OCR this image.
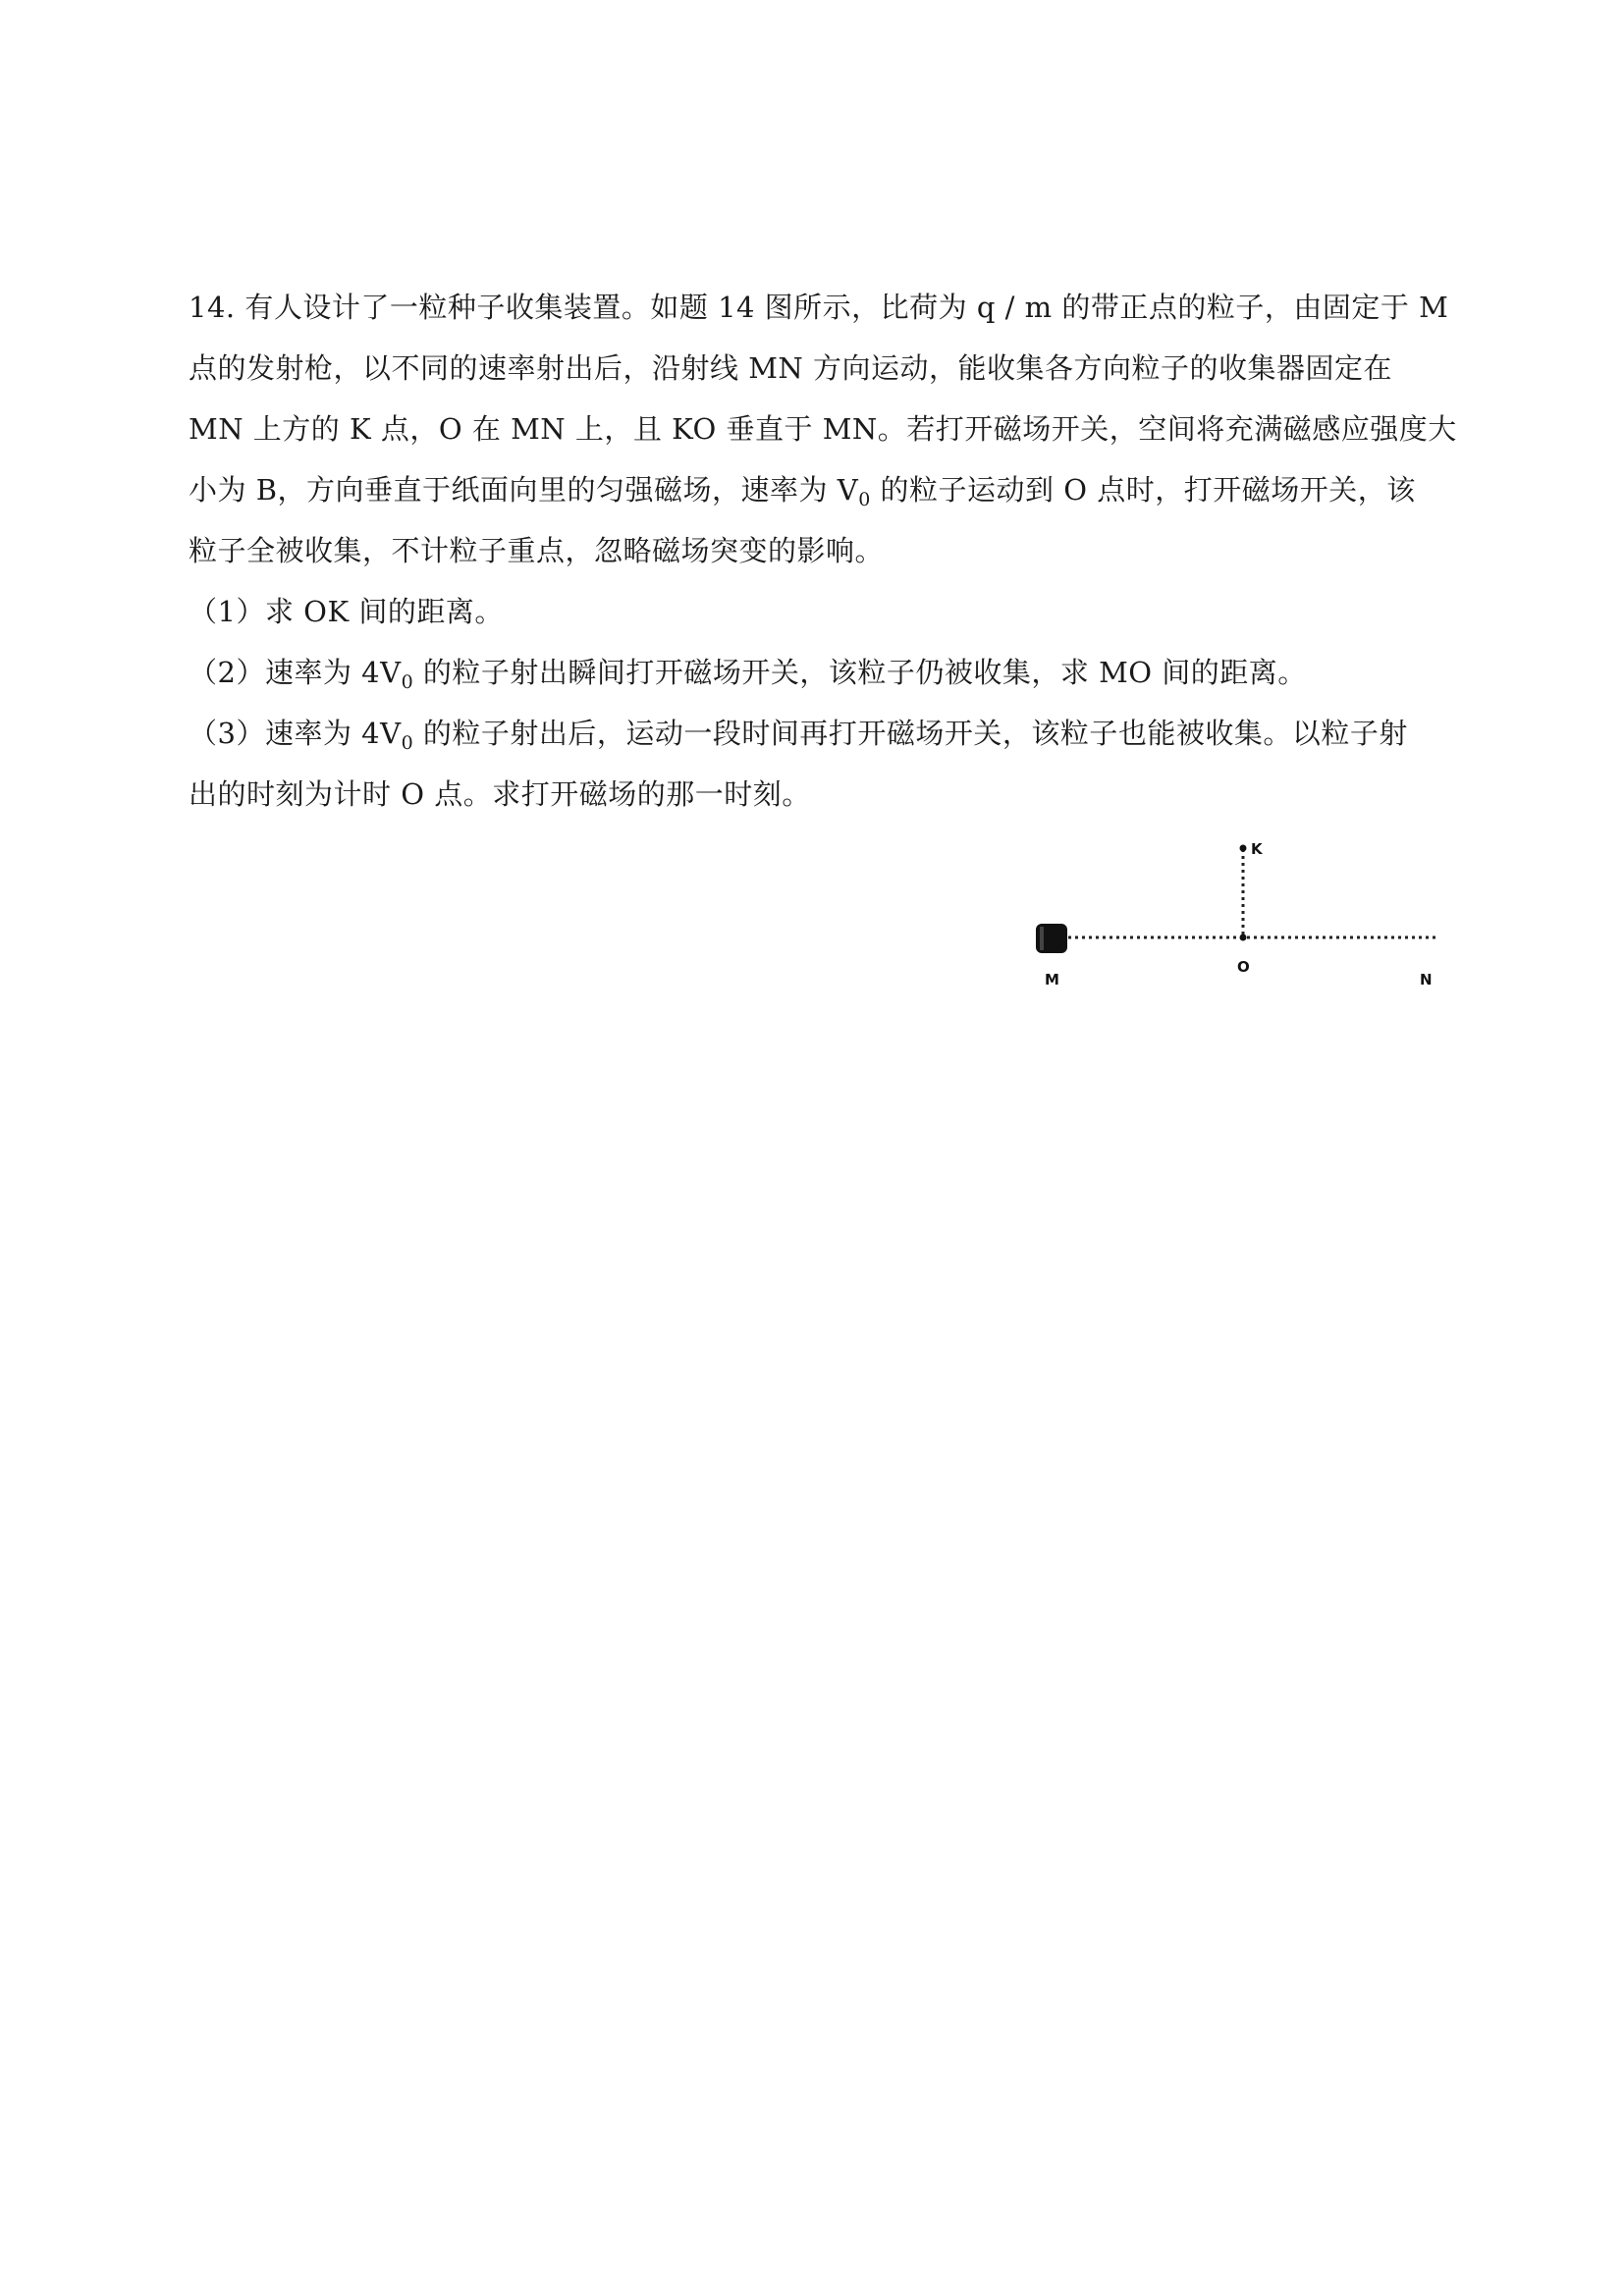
14. 有人设计了一粒种子收集装置。如题 14 图所示，比荷为 q / m 的带正点的粒子，由固定于 M
点的发射枪，以不同的速率射出后，沿射线 MN 方向运动，能收集各方向粒子的收集器固定在
MN 上方的 K 点，O 在 MN 上，且 KO 垂直于 MN。若打开磁场开关，空间将充满磁感应强度大
小为 B，方向垂直于纸面向里的匀强磁场，速率为 $V_0$ 的粒子运动到 O 点时，打开磁场开关，该
粒子全被收集，不计粒子重点，忽略磁场突变的影响。
（1）求 OK 间的距离。
（2）速率为 $4V_0$ 的粒子射出瞬间打开磁场开关，该粒子仍被收集，求 MO 间的距离。
（3）速率为 $4V_0$ 的粒子射出后，运动一段时间再打开磁场开关，该粒子也能被收集。以粒子射
出的时刻为计时 O 点。求打开磁场的那一时刻。
K
M
O
N
